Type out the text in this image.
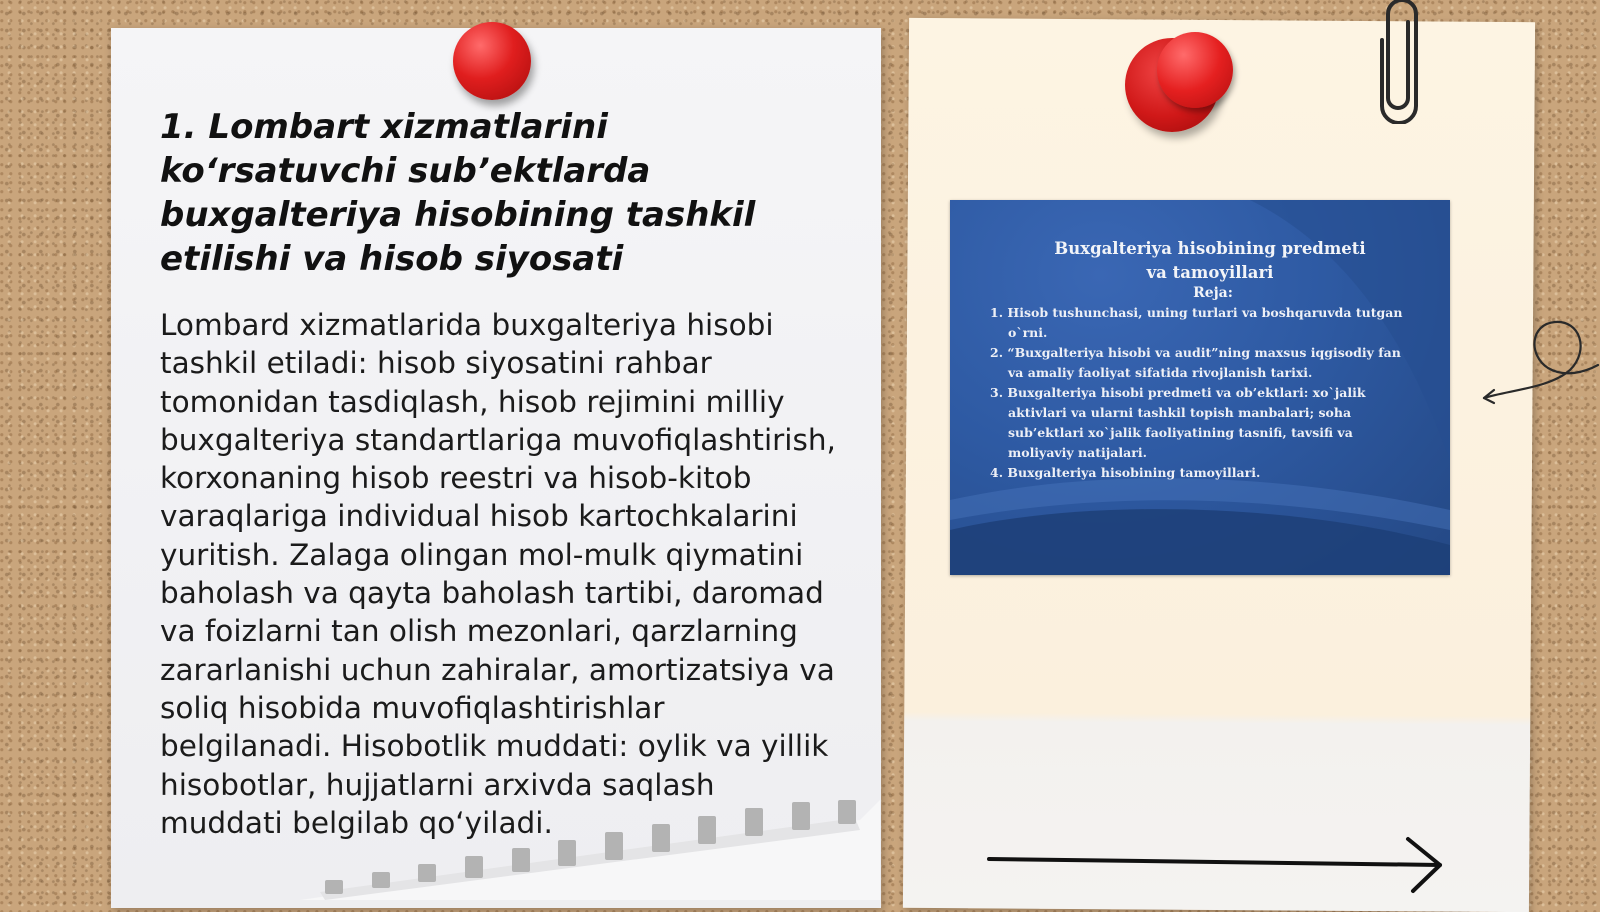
1. Lombart xizmatlarini ko‘rsatuvchi sub’ektlarda buxgalteriya hisobining tashkil etilishi va hisob siyosati

Lombard xizmatlarida buxgalteriya hisobi tashkil etiladi: hisob siyosatini rahbar tomonidan tasdiqlash, hisob rejimini milliy buxgalteriya standartlariga muvofiqlashtirish, korxonaning hisob reestri va hisob-kitob varaqlariga individual hisob kartochkalarini yuritish. Zalaga olingan mol-mulk qiymatini baholash va qayta baholash tartibi, daromad va foizlarni tan olish mezonlari, qarzlarning zararlanishi uchun zahiralar, amortizatsiya va soliq hisobida muvofiqlashtirishlar belgilanadi. Hisobotlik muddati: oylik va yillik hisobotlar, hujjatlarni arxivda saqlash muddati belgilab qo‘yiladi.

Buxgalteriya hisobining predmeti
va tamoyillari
Reja:
1. Hisob tushunchasi, uning turlari va boshqaruvda tutgan o`rni.
2. “Buxgalteriya hisobi va audit”ning maxsus iqgisodiy fan va amaliy faoliyat sifatida rivojlanish tarixi.
3. Buxgalteriya hisobi predmeti va ob’ektlari: xo`jalik aktivlari va ularni tashkil topish manbalari; soha sub’ektlari xo`jalik faoliyatining tasnifi, tavsifi va moliyaviy natijalari.
4. Buxgalteriya hisobining tamoyillari.
